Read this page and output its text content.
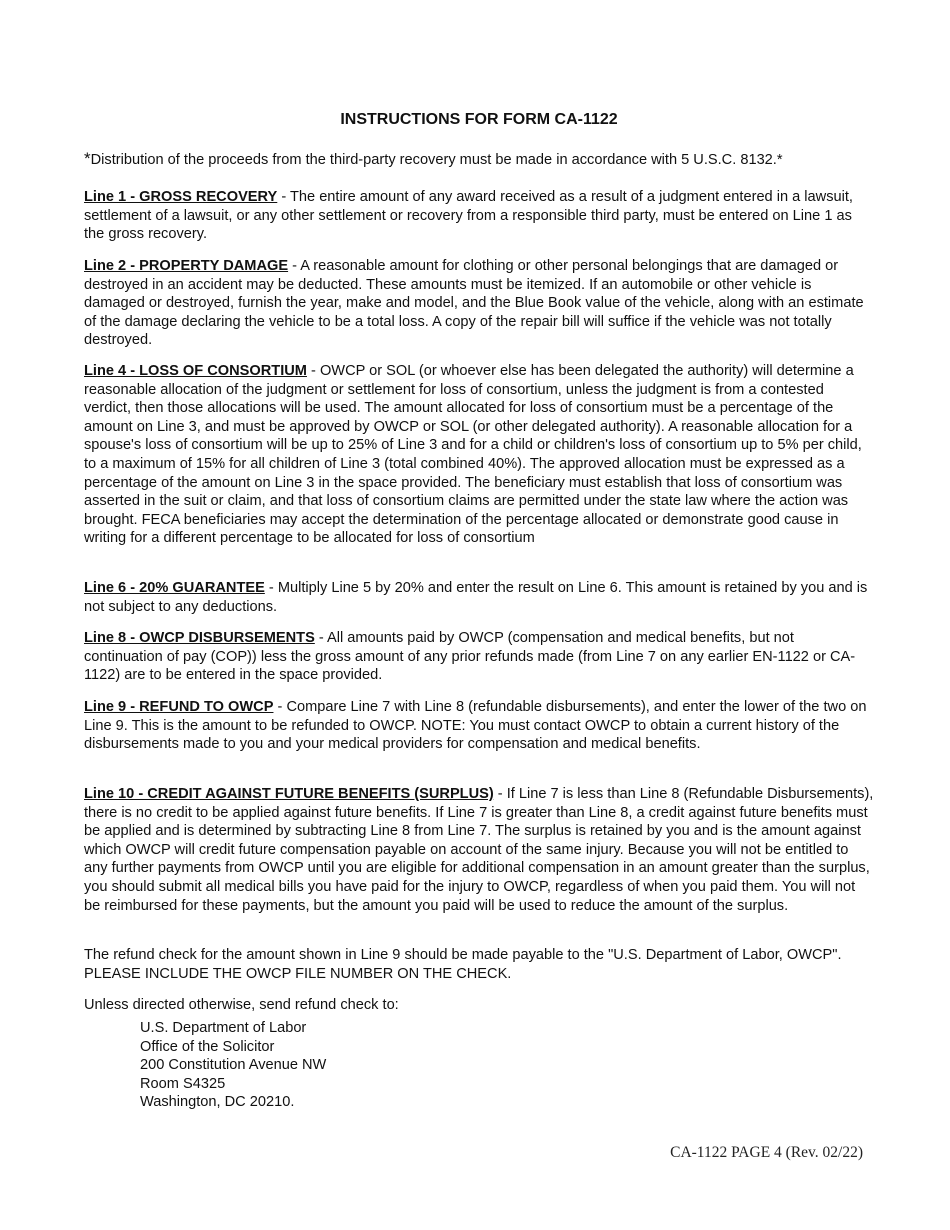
INSTRUCTIONS FOR FORM CA-1122

*Distribution of the proceeds from the third-party recovery must be made in accordance with 5 U.S.C. 8132.*

Line 1 - GROSS RECOVERY - The entire amount of any award received as a result of a judgment entered in a lawsuit, settlement of a lawsuit, or any other settlement or recovery from a responsible third party, must be entered on Line 1 as the gross recovery.

Line 2 - PROPERTY DAMAGE - A reasonable amount for clothing or other personal belongings that are damaged or destroyed in an accident may be deducted. These amounts must be itemized. If an automobile or other vehicle is damaged or destroyed, furnish the year, make and model, and the Blue Book value of the vehicle, along with an estimate of the damage declaring the vehicle to be a total loss. A copy of the repair bill will suffice if the vehicle was not totally destroyed.

Line 4 - LOSS OF CONSORTIUM - OWCP or SOL (or whoever else has been delegated the authority) will determine a reasonable allocation of the judgment or settlement for loss of consortium, unless the judgment is from a contested verdict, then those allocations will be used. The amount allocated for loss of consortium must be a percentage of the amount on Line 3, and must be approved by OWCP or SOL (or other delegated authority). A reasonable allocation for a spouse's loss of consortium will be up to 25% of Line 3 and for a child or children's loss of consortium up to 5% per child, to a maximum of 15% for all children of Line 3 (total combined 40%). The approved allocation must be expressed as a percentage of the amount on Line 3 in the space provided. The beneficiary must establish that loss of consortium was asserted in the suit or claim, and that loss of consortium claims are permitted under the state law where the action was brought. FECA beneficiaries may accept the determination of the percentage allocated or demonstrate good cause in writing for a different percentage to be allocated for loss of consortium

Line 6 - 20% GUARANTEE - Multiply Line 5 by 20% and enter the result on Line 6. This amount is retained by you and is not subject to any deductions.

Line 8 - OWCP DISBURSEMENTS - All amounts paid by OWCP (compensation and medical benefits, but not continuation of pay (COP)) less the gross amount of any prior refunds made (from Line 7 on any earlier EN-1122 or CA-1122) are to be entered in the space provided.

Line 9 - REFUND TO OWCP - Compare Line 7 with Line 8 (refundable disbursements), and enter the lower of the two on Line 9. This is the amount to be refunded to OWCP. NOTE: You must contact OWCP to obtain a current history of the disbursements made to you and your medical providers for compensation and medical benefits.

Line 10 - CREDIT AGAINST FUTURE BENEFITS (SURPLUS) - If Line 7 is less than Line 8 (Refundable Disbursements), there is no credit to be applied against future benefits. If Line 7 is greater than Line 8, a credit against future benefits must be applied and is determined by subtracting Line 8 from Line 7. The surplus is retained by you and is the amount against which OWCP will credit future compensation payable on account of the same injury. Because you will not be entitled to any further payments from OWCP until you are eligible for additional compensation in an amount greater than the surplus, you should submit all medical bills you have paid for the injury to OWCP, regardless of when you paid them. You will not be reimbursed for these payments, but the amount you paid will be used to reduce the amount of the surplus.

The refund check for the amount shown in Line 9 should be made payable to the "U.S. Department of Labor, OWCP". PLEASE INCLUDE THE OWCP FILE NUMBER ON THE CHECK.

Unless directed otherwise, send refund check to:

U.S. Department of Labor
Office of the Solicitor
200 Constitution Avenue NW
Room S4325
Washington, DC 20210.
CA-1122 PAGE 4 (Rev. 02/22)
